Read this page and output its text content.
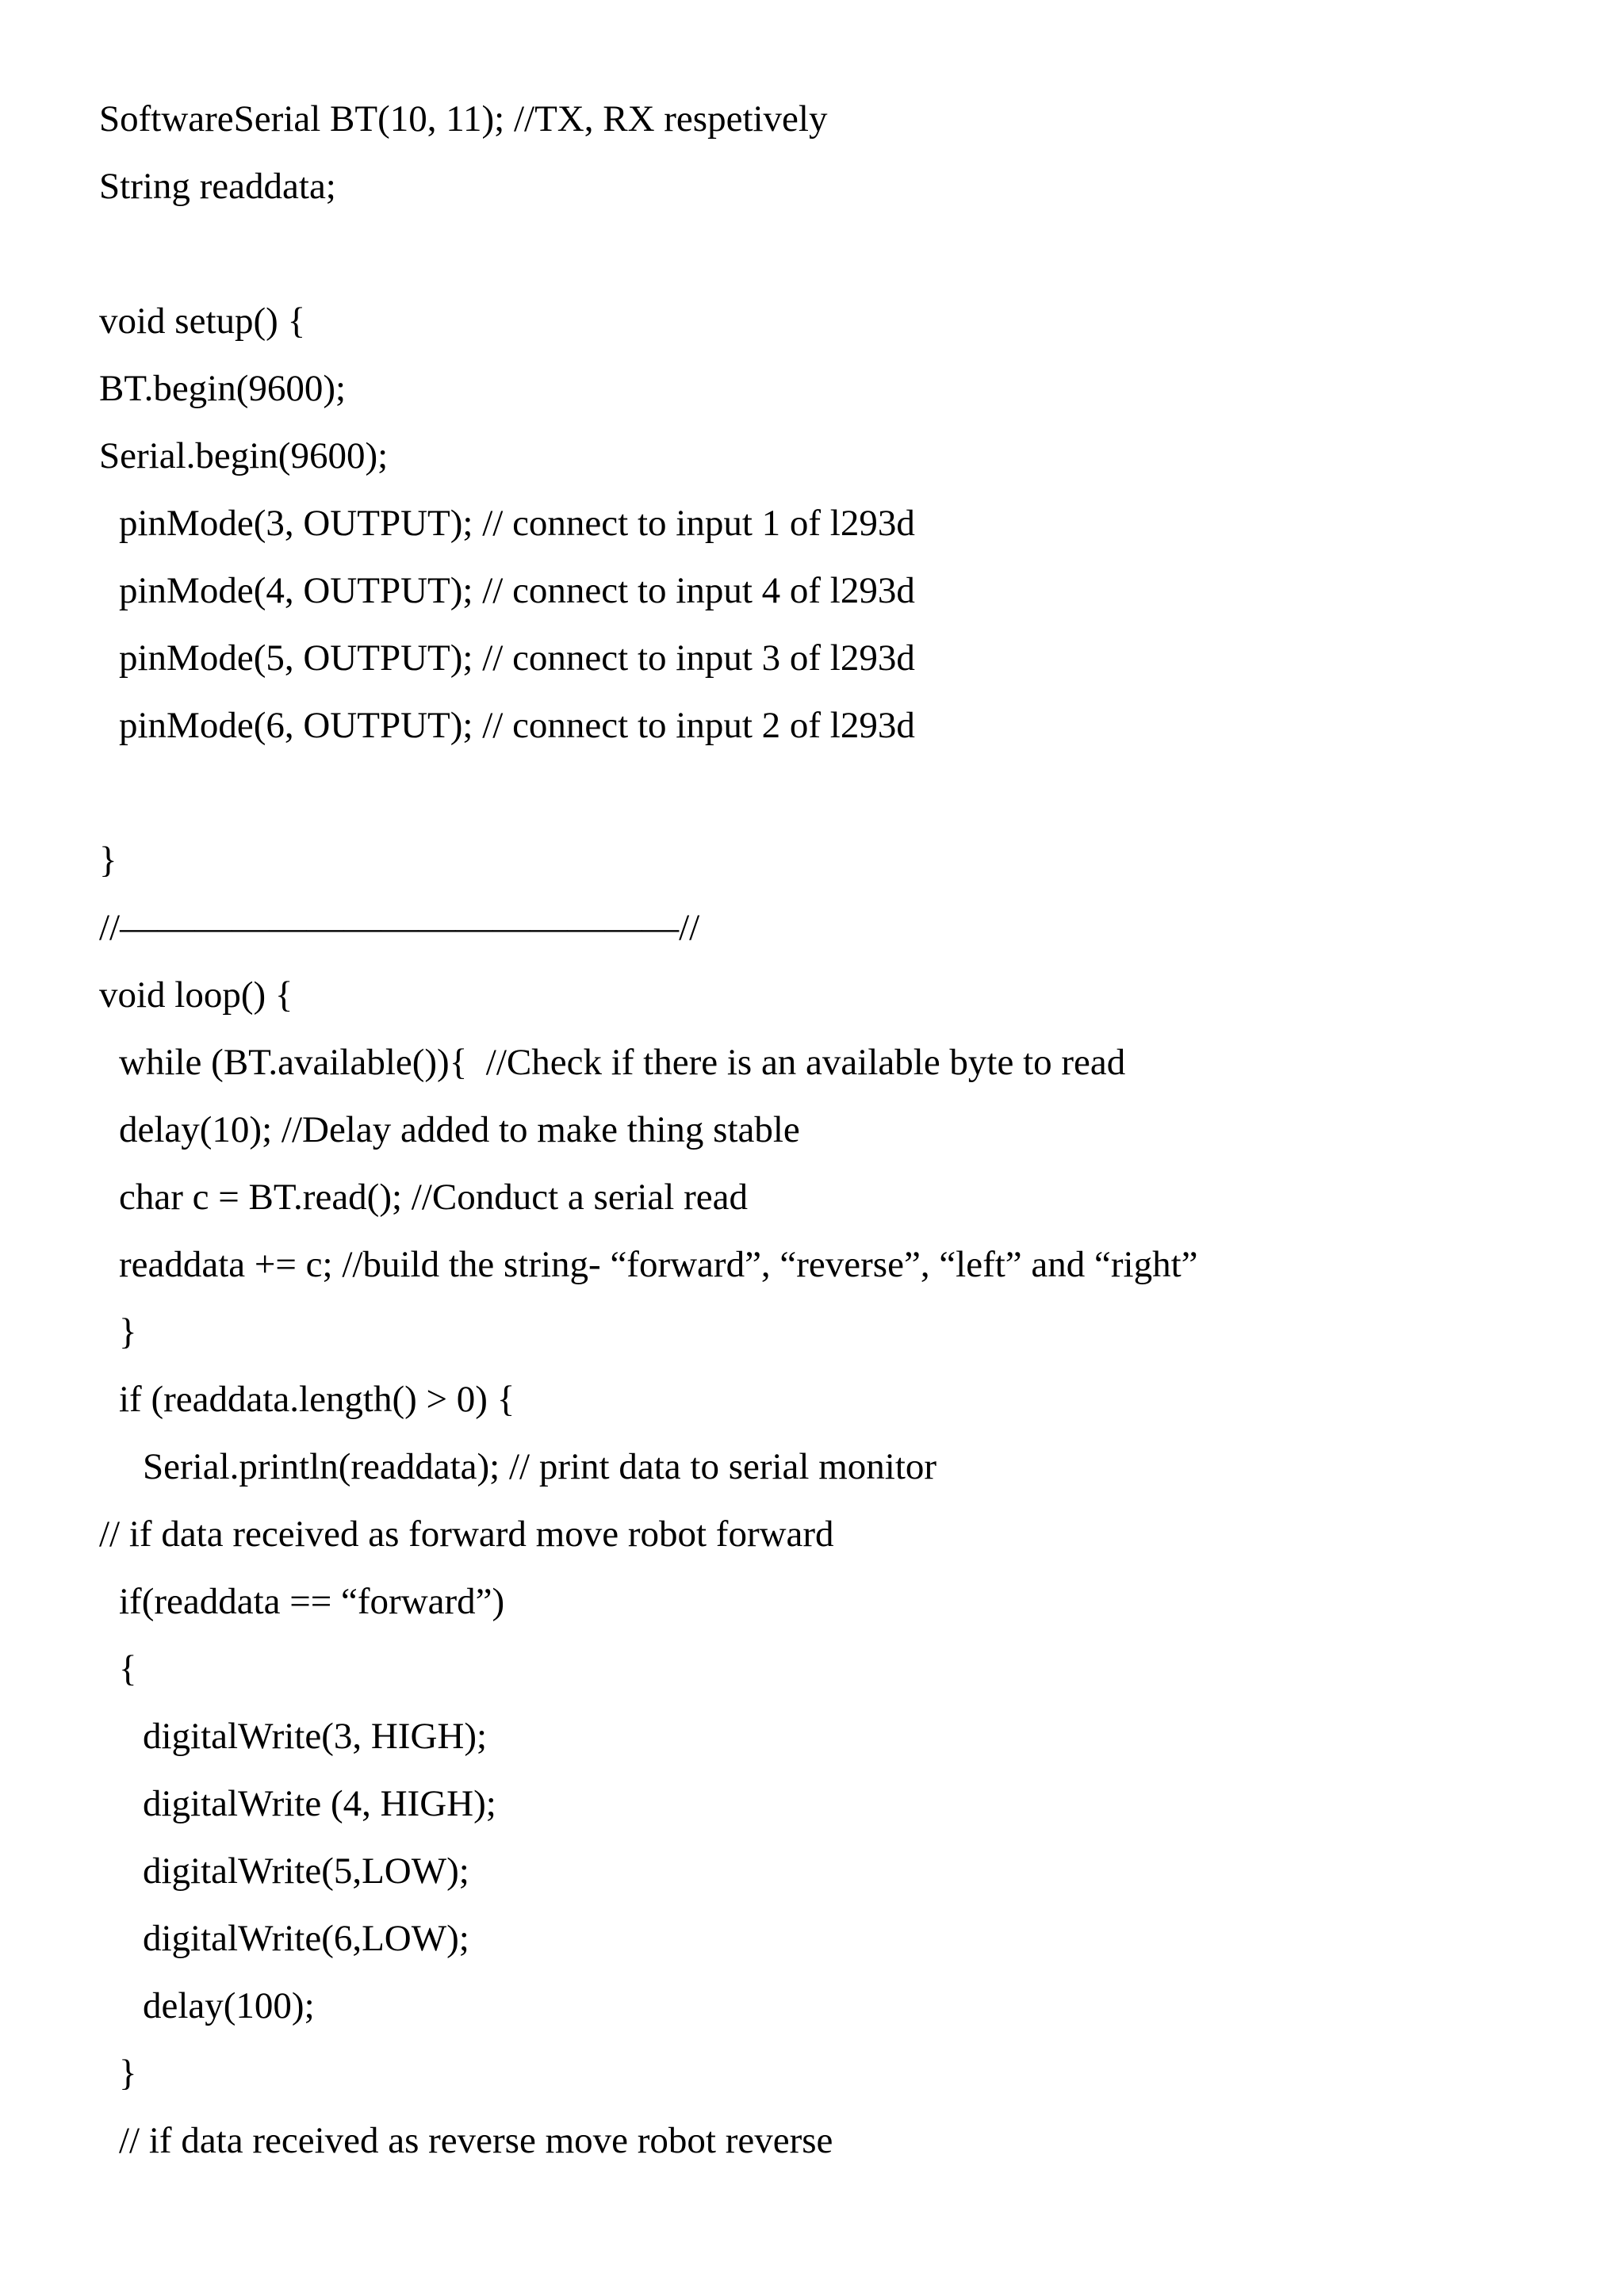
SoftwareSerial BT(10, 11); //TX, RX respetively

String readdata;

void setup() {

BT.begin(9600);

Serial.begin(9600);

pinMode(3, OUTPUT); // connect to input 1 of l293d

pinMode(4, OUTPUT); // connect to input 4 of l293d

pinMode(5, OUTPUT); // connect to input 3 of l293d

pinMode(6, OUTPUT); // connect to input 2 of l293d

}

//———————————————//

void loop() {

while (BT.available()){  //Check if there is an available byte to read

delay(10); //Delay added to make thing stable

char c = BT.read(); //Conduct a serial read

readdata += c; //build the string- “forward”, “reverse”, “left” and “right”

}

if (readdata.length() > 0) {

Serial.println(readdata); // print data to serial monitor

// if data received as forward move robot forward

if(readdata == “forward”)

{

digitalWrite(3, HIGH);

digitalWrite (4, HIGH);

digitalWrite(5,LOW);

digitalWrite(6,LOW);

delay(100);

}

// if data received as reverse move robot reverse
